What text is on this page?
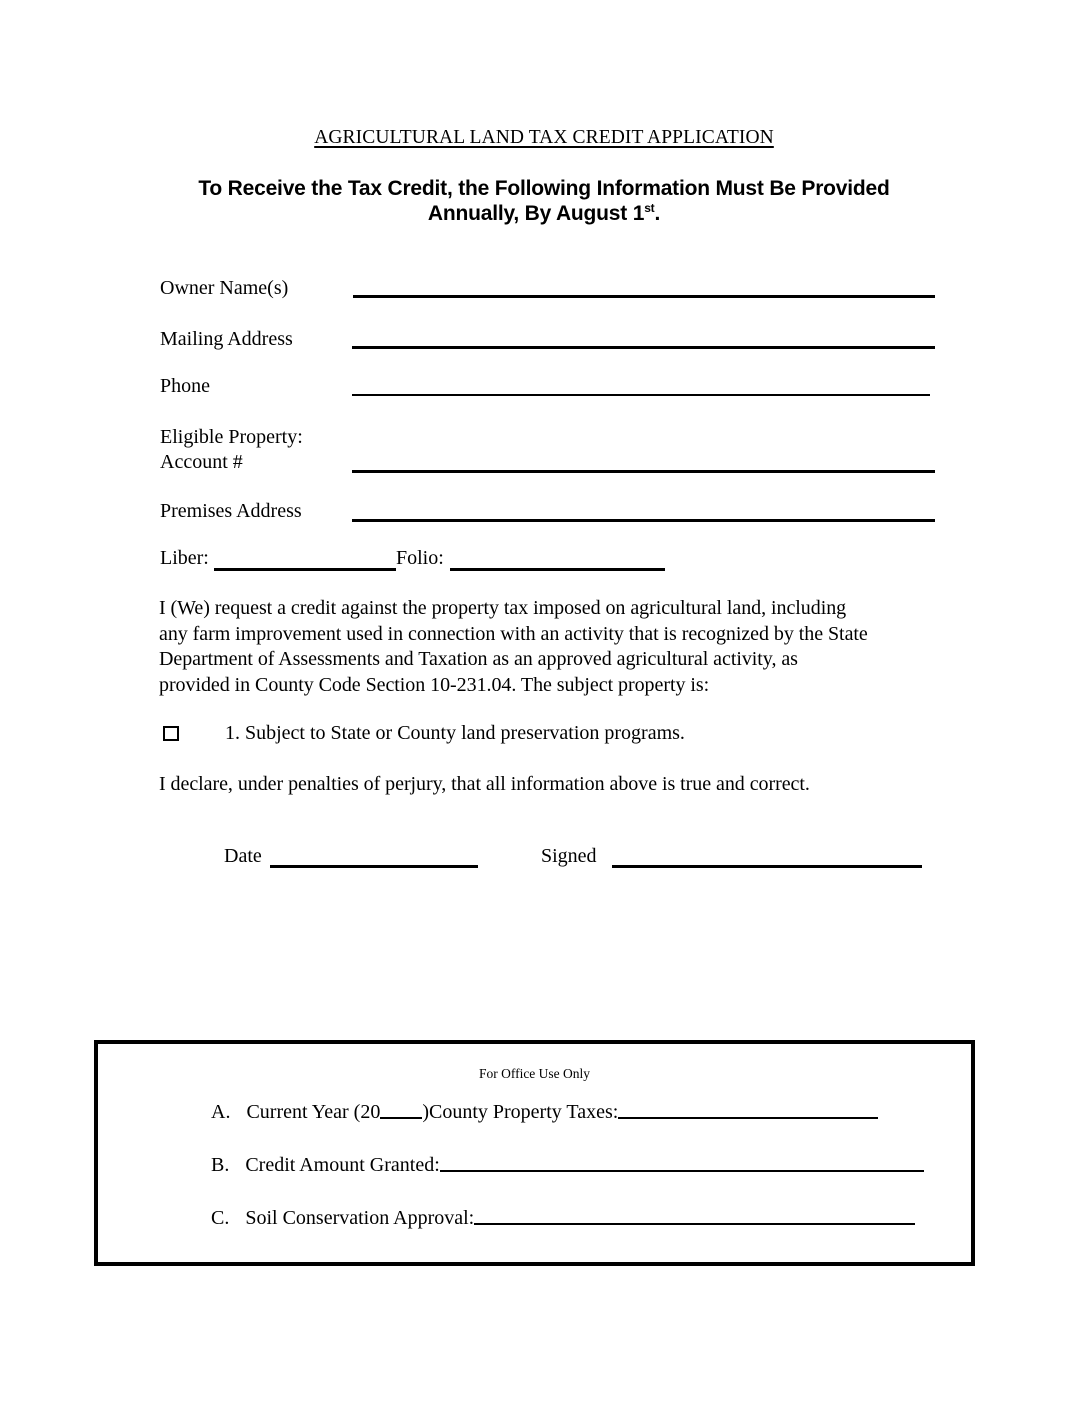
AGRICULTURAL LAND TAX CREDIT APPLICATION
To Receive the Tax Credit, the Following Information Must Be Provided
Annually, By August 1st.
Owner Name(s)
Mailing Address
Phone
Eligible Property:
Account #
Premises Address
Liber:	Folio:
I (We) request a credit against the property tax imposed on agricultural land, including
any farm improvement used in connection with an activity that is recognized by the State
Department of Assessments and Taxation as an approved agricultural activity, as
provided in County Code Section 10-231.04. The subject property is:
1. Subject to State or County land preservation programs.
I declare, under penalties of perjury, that all information above is true and correct.
Date	Signed
For Office Use Only
A. Current Year (20 )County Property Taxes:
B. Credit Amount Granted:
C. Soil Conservation Approval:
